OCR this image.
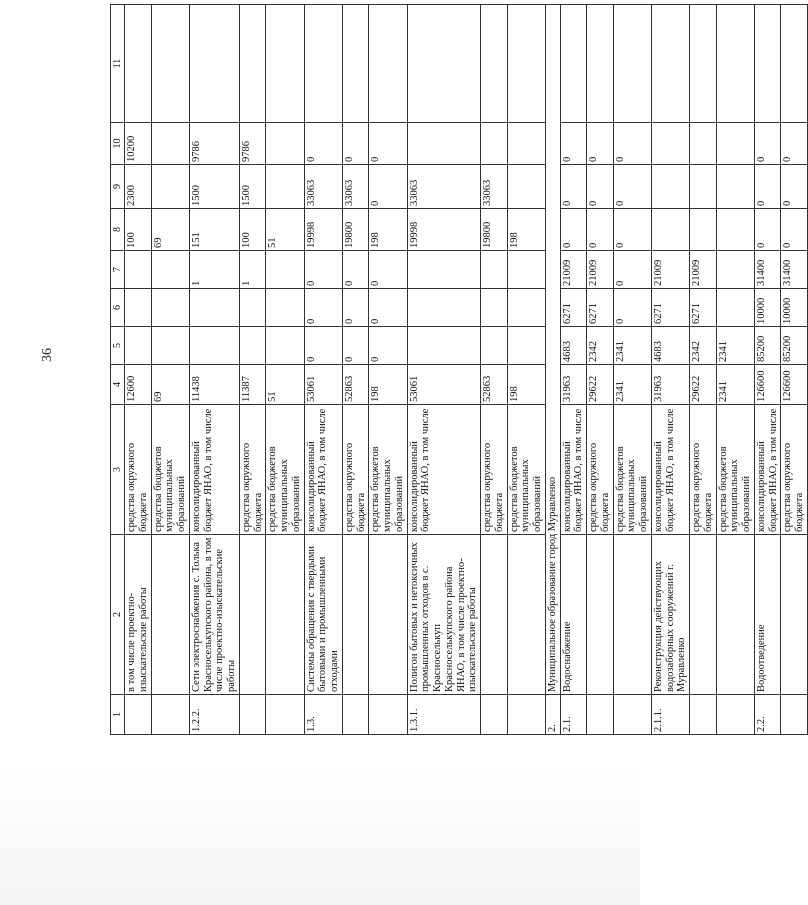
36
1	2	3	4	5	6	7	8	9	10	11
	в том числе проектно-изыскательские работы	средства окружного бюджета	12600				100	2300	10200	
		средства бюджетов муниципальных образований	69				69			
1.2.2.	Сети электроснабжения с. Толька Красноселькупского района, в том числе проектно-изыскательские работы	консолидированный бюджет ЯНАО, в том числе	11438			1	151	1500	9786	
		средства окружного бюджета	11387			1	100	1500	9786	
		средства бюджетов муниципальных образований	51				51			
1.3.	Системы обращения с твердыми бытовыми и промышленными отходами	консолидированный бюджет ЯНАО, в том числе	53061	0	0	0	19998	33063	0	
		средства окружного бюджета	52863	0	0	0	19800	33063	0	
		средства бюджетов муниципальных образований	198	0	0	0	198	0	0	
1.3.1.	Полигон бытовых и нетоксичных промышленных отходов в с. Красноселькуп Красноселькупского района ЯНАО, в том числе проектно-изыскательские работы	консолидированный бюджет ЯНАО, в том числе	53061				19998	33063		
		средства окружного бюджета	52863				19800	33063		
		средства бюджетов муниципальных образований	198				198			
2.	Муниципальное образование город Муравленко									
2.1.	Водоснабжение	консолидированный бюджет ЯНАО, в том числе	31963	4683	6271	21009	0	0	0	
		средства окружного бюджета	29622	2342	6271	21009	0	0	0	
		средства бюджетов муниципальных образований	2341	2341	0	0	0	0	0	
2.1.1.	Реконструкция действующих водозаборных сооружений г. Муравленко	консолидированный бюджет ЯНАО, в том числе	31963	4683	6271	21009				
		средства окружного бюджета	29622	2342	6271	21009				
		средства бюджетов муниципальных образований	2341	2341						
2.2.	Водоотведение	консолидированный бюджет ЯНАО, в том числе	126600	85200	10000	31400	0	0	0	
		средства окружного бюджета	126600	85200	10000	31400	0	0	0	
